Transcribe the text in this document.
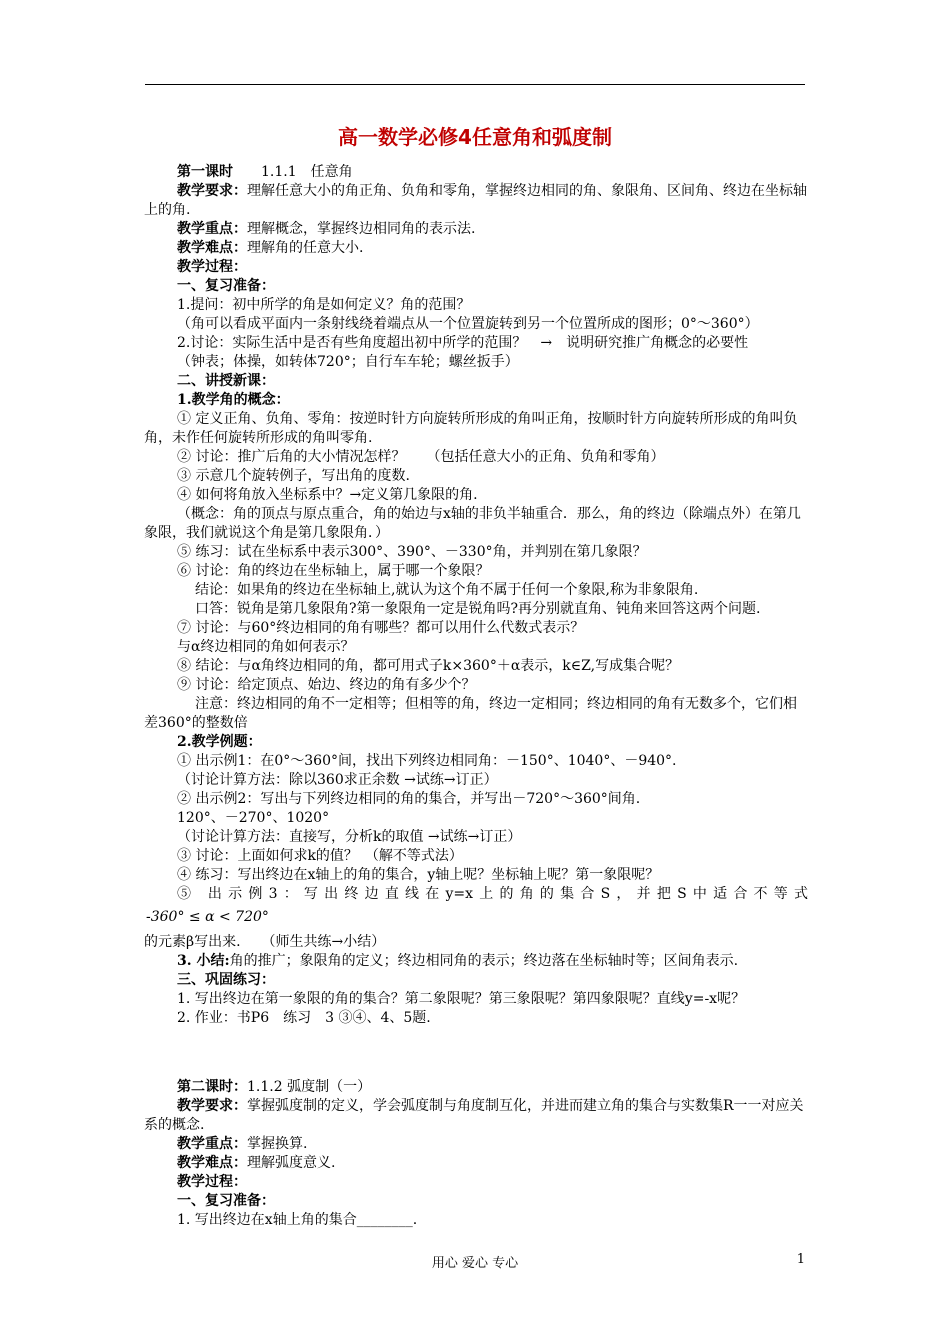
高一数学必修4任意角和弧度制

第一课时　　 1.1.1　任意角

教学要求：理解任意大小的角正角、负角和零角，掌握终边相同的角、象限角、区间角、终边在坐标轴上的角.

教学重点：理解概念，掌握终边相同角的表示法.

教学难点：理解角的任意大小.

教学过程：

一、复习准备：

1.提问：初中所学的角是如何定义？角的范围？

（角可以看成平面内一条射线绕着端点从一个位置旋转到另一个位置所成的图形；0°～360°）

2.讨论：实际生活中是否有些角度超出初中所学的范围？　→　说明研究推广角概念的必要性

（钟表；体操，如转体720°；自行车车轮；螺丝扳手）

二、讲授新课：

1.教学角的概念：

① 定义正角、负角、零角：按逆时针方向旋转所形成的角叫正角，按顺时针方向旋转所形成的角叫负角，未作任何旋转所形成的角叫零角.

② 讨论：推广后角的大小情况怎样？　　（包括任意大小的正角、负角和零角）

③ 示意几个旋转例子，写出角的度数.

④ 如何将角放入坐标系中？→定义第几象限的角.

（概念：角的顶点与原点重合，角的始边与x轴的非负半轴重合．那么，角的终边（除端点外）在第几象限，我们就说这个角是第几象限角．）

⑤ 练习：试在坐标系中表示300°、390°、－330°角，并判别在第几象限？

⑥ 讨论：角的终边在坐标轴上，属于哪一个象限？

结论：如果角的终边在坐标轴上,就认为这个角不属于任何一个象限,称为非象限角.

口答：锐角是第几象限角?第一象限角一定是锐角吗?再分别就直角、钝角来回答这两个问题.

⑦ 讨论：与60°终边相同的角有哪些？都可以用什么代数式表示？

与α终边相同的角如何表示？

⑧ 结论：与α角终边相同的角，都可用式子k×360°＋α表示，k∈Z,写成集合呢？

⑨ 讨论：给定顶点、始边、终边的角有多少个？

注意：终边相同的角不一定相等；但相等的角，终边一定相同；终边相同的角有无数多个，它们相差360°的整数倍

2.教学例题：

① 出示例1：在0°～360°间，找出下列终边相同角：－150°、1040°、－940°.

（讨论计算方法：除以360求正余数 →试练→订正）

② 出示例2：写出与下列终边相同的角的集合，并写出－720°～360°间角.

120°、－270°、1020°

（讨论计算方法：直接写，分析k的取值 →试练→订正）

③ 讨论：上面如何求k的值？　（解不等式法）

④ 练习：写出终边在x轴上的角的集合，y轴上呢？坐标轴上呢？第一象限呢？

⑤ 出示例3：写出终边直线在y=x上的角的集合S，并把S中适合不等式

-360° ≤ α < 720°

的元素β写出来.　　（师生共练→小结）

3. 小结:角的推广；象限角的定义；终边相同角的表示；终边落在坐标轴时等；区间角表示.

三、巩固练习：

1. 写出终边在第一象限的角的集合？第二象限呢？第三象限呢？第四象限呢？直线y=-x呢？

2. 作业：书P6　练习　3 ③④、4、5题.

第二课时：1.1.2 弧度制（一）

教学要求：掌握弧度制的定义，学会弧度制与角度制互化，并进而建立角的集合与实数集R一一对应关系的概念.

教学重点：掌握换算.

教学难点：理解弧度意义.

教学过程：

一、复习准备：

1. 写出终边在x轴上角的集合________.

用心 爱心 专心	1
